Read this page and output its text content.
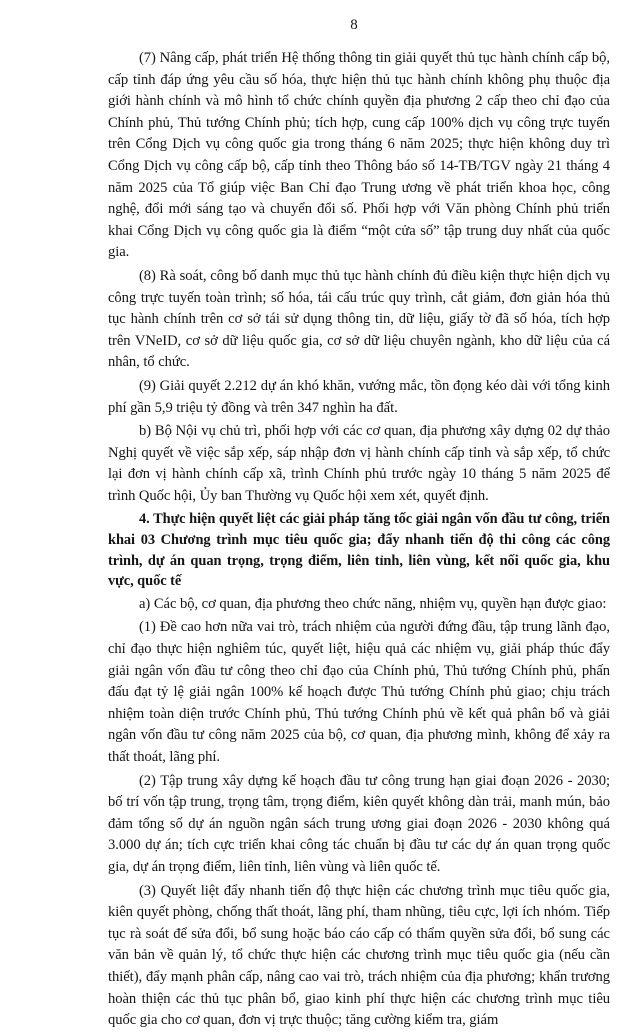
8

(7) Nâng cấp, phát triển Hệ thống thông tin giải quyết thủ tục hành chính cấp bộ, cấp tỉnh đáp ứng yêu cầu số hóa, thực hiện thủ tục hành chính không phụ thuộc địa giới hành chính và mô hình tổ chức chính quyền địa phương 2 cấp theo chỉ đạo của Chính phủ, Thủ tướng Chính phủ; tích hợp, cung cấp 100% dịch vụ công trực tuyến trên Cổng Dịch vụ công quốc gia trong tháng 6 năm 2025; thực hiện không duy trì Cổng Dịch vụ công cấp bộ, cấp tỉnh theo Thông báo số 14-TB/TGV ngày 21 tháng 4 năm 2025 của Tổ giúp việc Ban Chỉ đạo Trung ương về phát triển khoa học, công nghệ, đổi mới sáng tạo và chuyển đổi số. Phối hợp với Văn phòng Chính phủ triển khai Cổng Dịch vụ công quốc gia là điểm “một cửa số” tập trung duy nhất của quốc gia.

(8) Rà soát, công bố danh mục thủ tục hành chính đủ điều kiện thực hiện dịch vụ công trực tuyến toàn trình; số hóa, tái cấu trúc quy trình, cắt giảm, đơn giản hóa thủ tục hành chính trên cơ sở tái sử dụng thông tin, dữ liệu, giấy tờ đã số hóa, tích hợp trên VNeID, cơ sở dữ liệu quốc gia, cơ sở dữ liệu chuyên ngành, kho dữ liệu của cá nhân, tổ chức.

(9) Giải quyết 2.212 dự án khó khăn, vướng mắc, tồn đọng kéo dài với tổng kinh phí gần 5,9 triệu tỷ đồng và trên 347 nghìn ha đất.

b) Bộ Nội vụ chủ trì, phối hợp với các cơ quan, địa phương xây dựng 02 dự thảo Nghị quyết về việc sắp xếp, sáp nhập đơn vị hành chính cấp tỉnh và sắp xếp, tổ chức lại đơn vị hành chính cấp xã, trình Chính phủ trước ngày 10 tháng 5 năm 2025 để trình Quốc hội, Ủy ban Thường vụ Quốc hội xem xét, quyết định.

4. Thực hiện quyết liệt các giải pháp tăng tốc giải ngân vốn đầu tư công, triển khai 03 Chương trình mục tiêu quốc gia; đẩy nhanh tiến độ thi công các công trình, dự án quan trọng, trọng điểm, liên tỉnh, liên vùng, kết nối quốc gia, khu vực, quốc tế

a) Các bộ, cơ quan, địa phương theo chức năng, nhiệm vụ, quyền hạn được giao:

(1) Đề cao hơn nữa vai trò, trách nhiệm của người đứng đầu, tập trung lãnh đạo, chỉ đạo thực hiện nghiêm túc, quyết liệt, hiệu quả các nhiệm vụ, giải pháp thúc đẩy giải ngân vốn đầu tư công theo chỉ đạo của Chính phủ, Thủ tướng Chính phủ, phấn đấu đạt tỷ lệ giải ngân 100% kế hoạch được Thủ tướng Chính phủ giao; chịu trách nhiệm toàn diện trước Chính phủ, Thủ tướng Chính phủ về kết quả phân bổ và giải ngân vốn đầu tư công năm 2025 của bộ, cơ quan, địa phương mình, không để xảy ra thất thoát, lãng phí.

(2) Tập trung xây dựng kế hoạch đầu tư công trung hạn giai đoạn 2026 - 2030; bố trí vốn tập trung, trọng tâm, trọng điểm, kiên quyết không dàn trải, manh mún, bảo đảm tổng số dự án nguồn ngân sách trung ương giai đoạn 2026 - 2030 không quá 3.000 dự án; tích cực triển khai công tác chuẩn bị đầu tư các dự án quan trọng quốc gia, dự án trọng điểm, liên tỉnh, liên vùng và liên quốc tế.

(3) Quyết liệt đẩy nhanh tiến độ thực hiện các chương trình mục tiêu quốc gia, kiên quyết phòng, chống thất thoát, lãng phí, tham nhũng, tiêu cực, lợi ích nhóm. Tiếp tục rà soát để sửa đổi, bổ sung hoặc báo cáo cấp có thẩm quyền sửa đổi, bổ sung các văn bản về quản lý, tổ chức thực hiện các chương trình mục tiêu quốc gia (nếu cần thiết), đẩy mạnh phân cấp, nâng cao vai trò, trách nhiệm của địa phương; khẩn trương hoàn thiện các thủ tục phân bổ, giao kinh phí thực hiện các chương trình mục tiêu quốc gia cho cơ quan, đơn vị trực thuộc; tăng cường kiểm tra, giám
